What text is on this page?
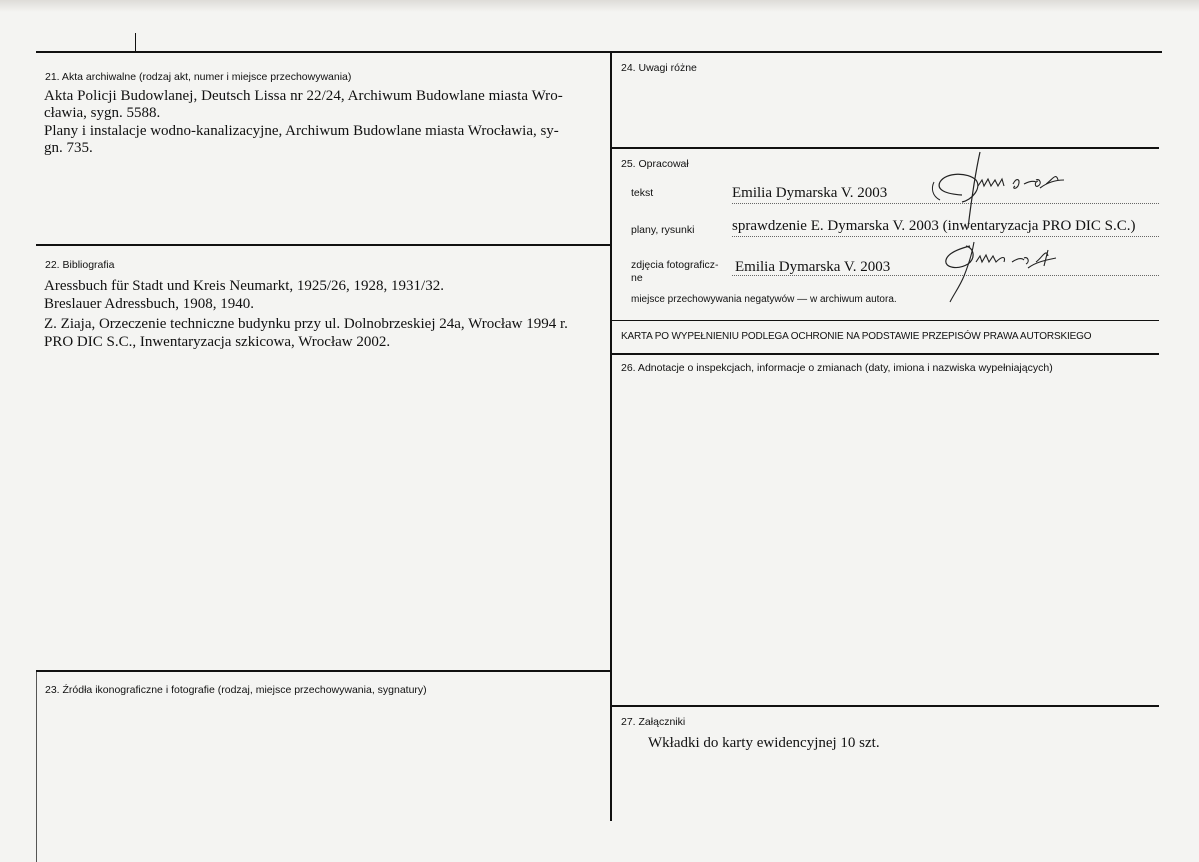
21. Akta archiwalne (rodzaj akt, numer i miejsce przechowywania)
Akta Policji Budowlanej, Deutsch Lissa nr 22/24, Archiwum Budowlane miasta Wro-
cławia, sygn. 5588.
Plany i instalacje wodno-kanalizacyjne, Archiwum Budowlane miasta Wrocławia, sy-
gn. 735.
22. Bibliografia
Aressbuch für Stadt und Kreis Neumarkt, 1925/26, 1928, 1931/32.
Breslauer Adressbuch, 1908, 1940.
Z. Ziaja, Orzeczenie techniczne budynku przy ul. Dolnobrzeskiej 24a, Wrocław 1994 r.
PRO DIC S.C., Inwentaryzacja szkicowa, Wrocław 2002.
23. Źródła ikonograficzne i fotografie (rodzaj, miejsce przechowywania, sygnatury)
24. Uwagi różne
25. Opracował
tekst	Emilia Dymarska V. 2003
plany, rysunki	sprawdzenie E. Dymarska V. 2003 (inwentaryzacja PRO DIC S.C.)
zdjęcia fotograficz-
ne
Emilia Dymarska V. 2003
miejsce przechowywania negatywów — w archiwum autora.
KARTA PO WYPEŁNIENIU PODLEGA OCHRONIE NA PODSTAWIE PRZEPISÓW PRAWA AUTORSKIEGO
26. Adnotacje o inspekcjach, informacje o zmianach (daty, imiona i nazwiska wypełniających)
27. Załączniki
Wkładki do karty ewidencyjnej 10 szt.
